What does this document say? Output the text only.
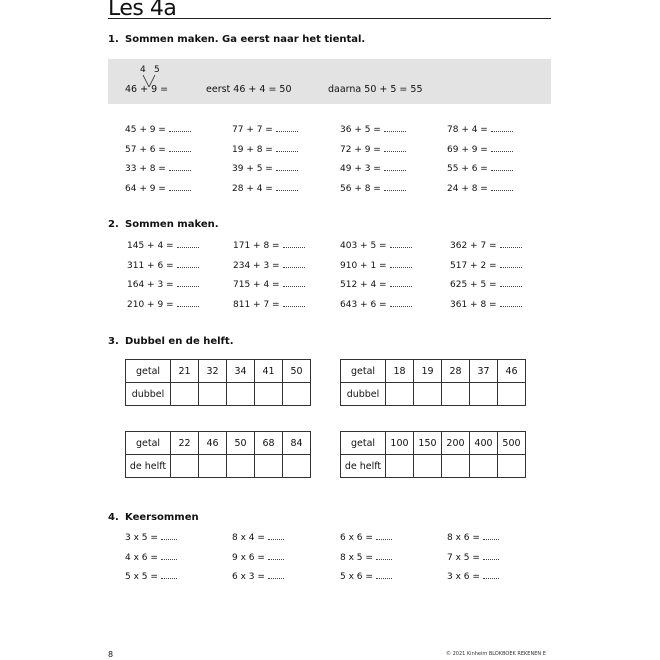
Les 4a
1. Sommen maken. Ga eerst naar het tiental.
4 5
46 + 9 =	eerst 46 + 4 = 50	daarna 50 + 5 = 55
45 + 9 =
57 + 6 =
33 + 8 =
64 + 9 =
77 + 7 =
19 + 8 =
39 + 5 =
28 + 4 =
36 + 5 =
72 + 9 =
49 + 3 =
56 + 8 =
78 + 4 =
69 + 9 =
55 + 6 =
24 + 8 =
2. Sommen maken.
145 + 4 =
311 + 6 =
164 + 3 =
210 + 9 =
171 + 8 =
234 + 3 =
715 + 4 =
811 + 7 =
403 + 5 =
910 + 1 =
512 + 4 =
643 + 6 =
362 + 7 =
517 + 2 =
625 + 5 =
361 + 8 =
3. Dubbel en de helft.
getal	21	32	34	41	50
dubbel					
getal	18	19	28	37	46
dubbel					
getal	22	46	50	68	84
de helft					
getal	100	150	200	400	500
de helft					
4. Keersommen
3 x 5 =
4 x 6 =
5 x 5 =
8 x 4 =
9 x 6 =
6 x 3 =
6 x 6 =
8 x 5 =
5 x 6 =
8 x 6 =
7 x 5 =
3 x 6 =
8	© 2021 Kinheim BLOKBOEK REKENEN E
